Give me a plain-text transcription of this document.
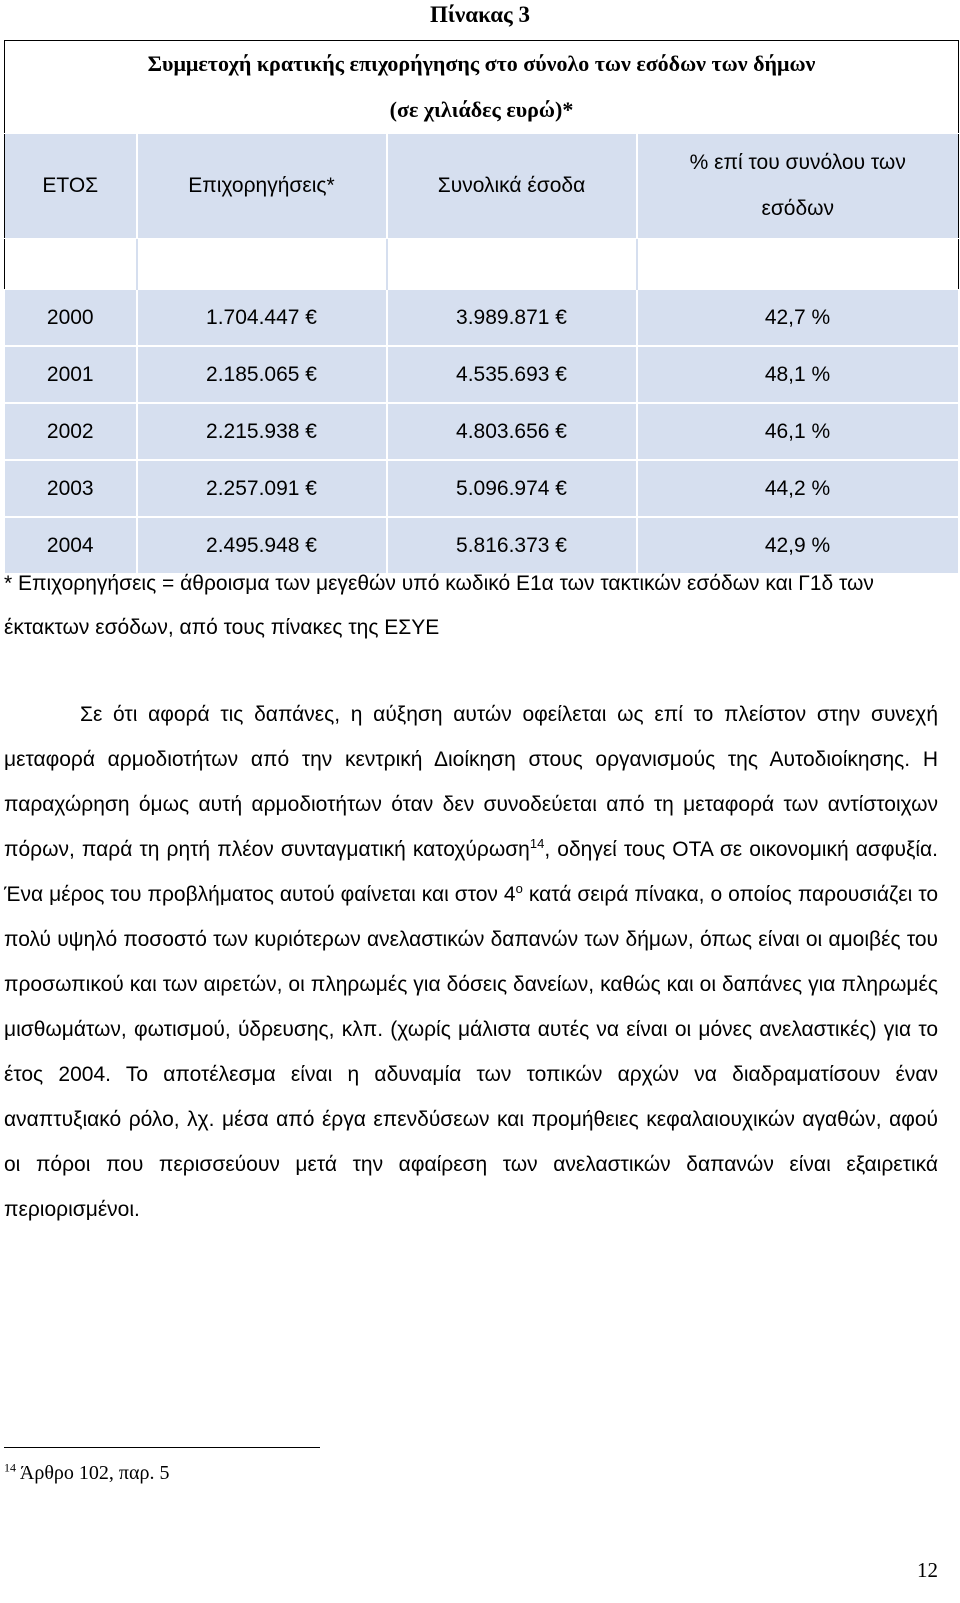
Πίνακας 3
Συμμετοχή κρατικής επιχορήγησης στο σύνολο των εσόδων των δήμων
(σε χιλιάδες ευρώ)*			

ΕΤΟΣ	Επιχορηγήσεις*	Συνολικά έσοδα	% επί του συνόλου των
εσόδων

2000	1.704.447 €	3.989.871 €	42,7 %
2001	2.185.065 €	4.535.693 €	48,1 %
2002	2.215.938 €	4.803.656 €	46,1 %
2003	2.257.091 €	5.096.974 €	44,2 %
2004	2.495.948 €	5.816.373 €	42,9 %
* Επιχορηγήσεις = άθροισμα των μεγεθών υπό κωδικό Ε1α των τακτικών εσόδων και Γ1δ των έκτακτων εσόδων, από τους πίνακες της ΕΣΥΕ
Σε ότι αφορά τις δαπάνες, η αύξηση αυτών οφείλεται ως επί το πλείστον στην συνεχή μεταφορά αρμοδιοτήτων από την κεντρική Διοίκηση στους οργανισμούς της Αυτοδιοίκησης. Η παραχώρηση όμως αυτή αρμοδιοτήτων όταν δεν συνοδεύεται από τη μεταφορά των αντίστοιχων πόρων, παρά τη ρητή πλέον συνταγματική κατοχύρωση$^{14}$, οδηγεί τους ΟΤΑ σε οικονομική ασφυξία. Ένα μέρος του προβλήματος αυτού φαίνεται και στον $4^o$ κατά σειρά πίνακα, ο οποίος παρουσιάζει το πολύ υψηλό ποσοστό των κυριότερων ανελαστικών δαπανών των δήμων, όπως είναι οι αμοιβές του προσωπικού και των αιρετών, οι πληρωμές για δόσεις δανείων, καθώς και οι δαπάνες για πληρωμές μισθωμάτων, φωτισμού, ύδρευσης, κλπ. (χωρίς μάλιστα αυτές να είναι οι μόνες ανελαστικές) για το έτος 2004. Το αποτέλεσμα είναι η αδυναμία των τοπικών αρχών να διαδραματίσουν έναν αναπτυξιακό ρόλο, λχ. μέσα από έργα επενδύσεων και προμήθειες κεφαλαιουχικών αγαθών, αφού οι πόροι που περισσεύουν μετά την αφαίρεση των ανελαστικών δαπανών είναι εξαιρετικά περιορισμένοι.
$^{14}$ Άρθρο 102, παρ. 5
12
